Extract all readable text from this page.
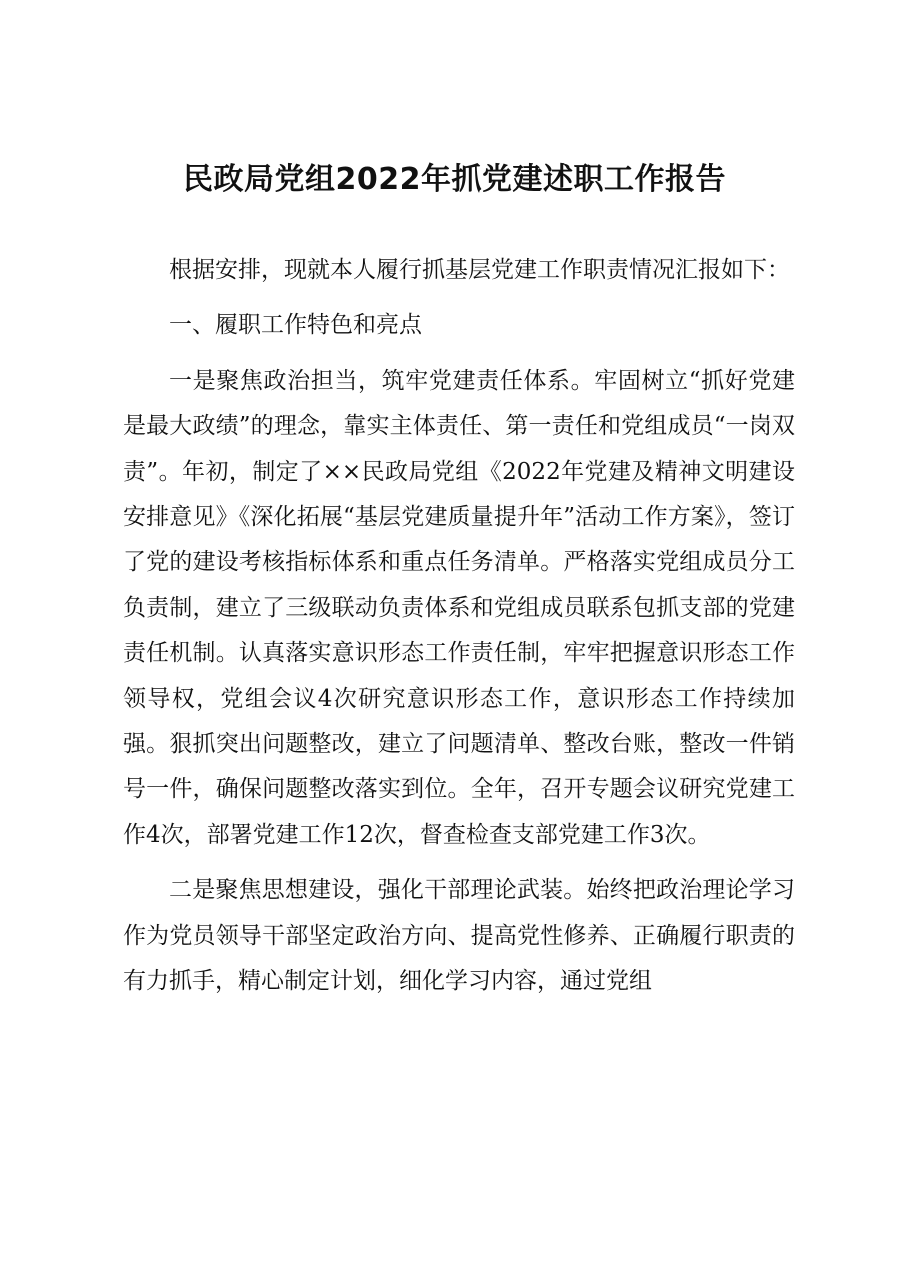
民政局党组2022年抓党建述职工作报告

根据安排，现就本人履行抓基层党建工作职责情况汇报如下：

一、履职工作特色和亮点

一是聚焦政治担当，筑牢党建责任体系。牢固树立“抓好党建是最大政绩”的理念，靠实主体责任、第一责任和党组成员“一岗双责”。年初，制定了××民政局党组《2022年党建及精神文明建设安排意见》《深化拓展“基层党建质量提升年”活动工作方案》，签订了党的建设考核指标体系和重点任务清单。严格落实党组成员分工负责制，建立了三级联动负责体系和党组成员联系包抓支部的党建责任机制。认真落实意识形态工作责任制，牢牢把握意识形态工作领导权，党组会议4次研究意识形态工作，意识形态工作持续加强。狠抓突出问题整改，建立了问题清单、整改台账，整改一件销号一件，确保问题整改落实到位。全年，召开专题会议研究党建工作4次，部署党建工作12次，督查检查支部党建工作3次。

二是聚焦思想建设，强化干部理论武装。始终把政治理论学习作为党员领导干部坚定政治方向、提高党性修养、正确履行职责的有力抓手，精心制定计划，细化学习内容，通过党组
